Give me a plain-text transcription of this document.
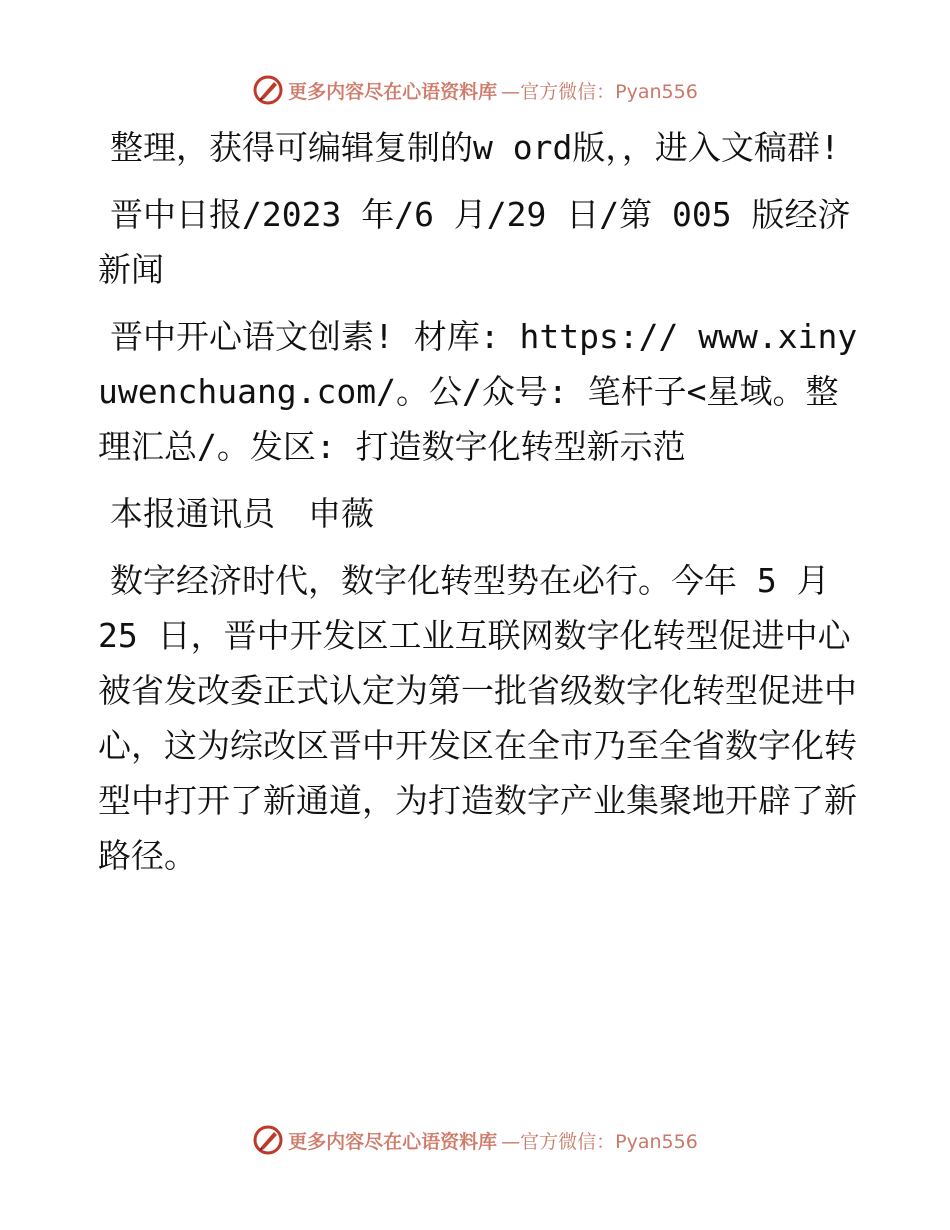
更多内容尽在心语资料库 —官方微信：Pyan556

整理，获得可编辑复制的w ord版，，进入文稿群!

晋中日报/2023 年/6 月/29 日/第 005 版经济新闻

晋中开心语文创素! 材库: https:// www.xinyuwenchuang.com/。公/众号: 笔杆子<星域。整理汇总/。发区: 打造数字化转型新示范

本报通讯员　申薇

数字经济时代，数字化转型势在必行。今年 5 月 25 日，晋中开发区工业互联网数字化转型促进中心被省发改委正式认定为第一批省级数字化转型促进中心，这为综改区晋中开发区在全市乃至全省数字化转型中打开了新通道，为打造数字产业集聚地开辟了新路径。

更多内容尽在心语资料库 —官方微信：Pyan556
